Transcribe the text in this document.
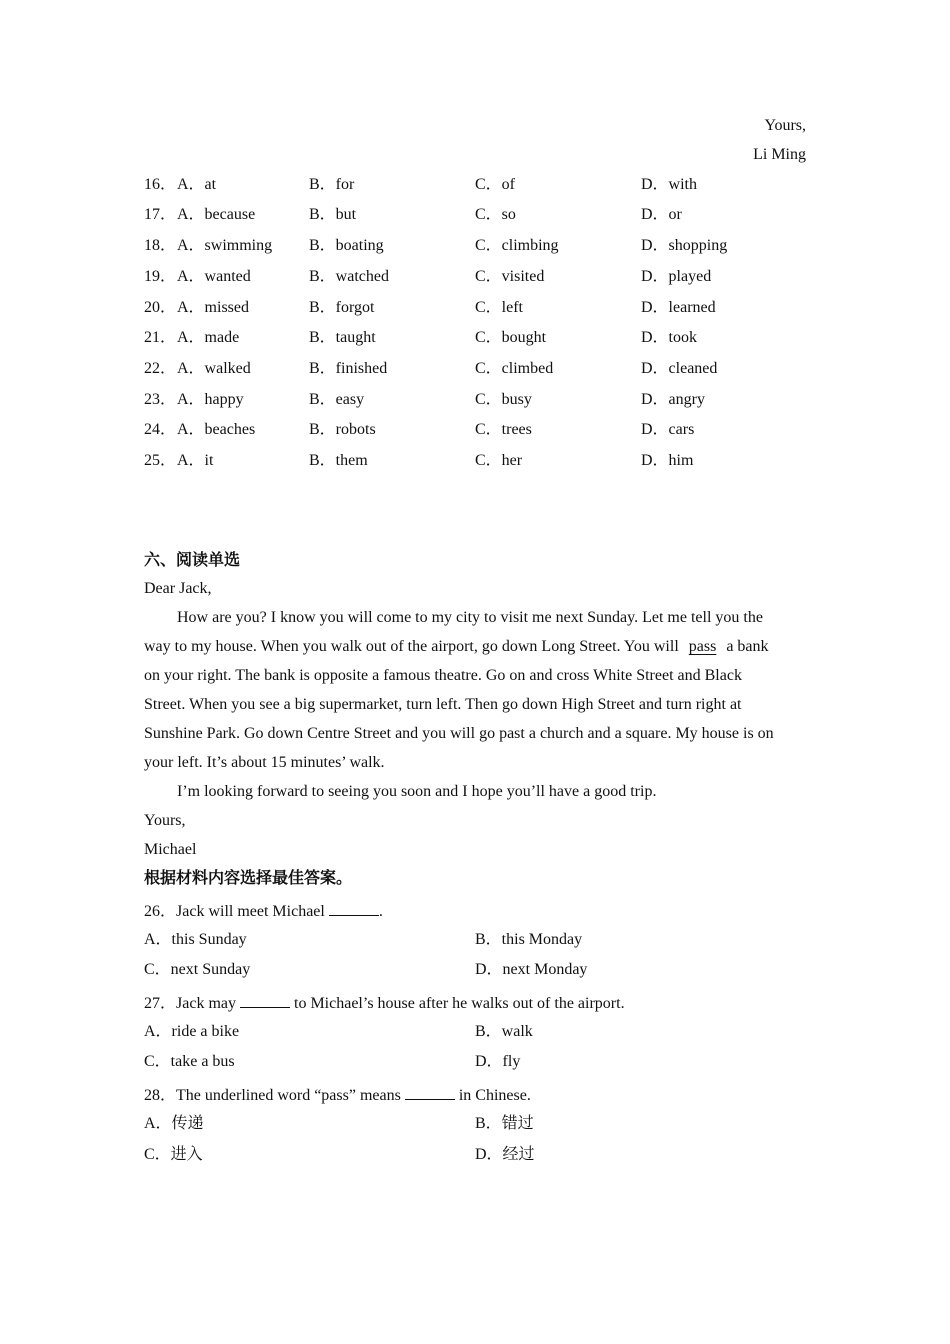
Yours,
Li Ming
16． A．at	B．for	C．of	D．with
17． A．because	B．but	C．so	D．or
18． A．swimming B．boating	C．climbing	D．shopping
19． A．wanted	B．watched	C．visited	D．played
20． A．missed	B．forgot	C．left	D．learned
21． A．made	B．taught	C．bought	D．took
22． A．walked	B．finished	C．climbed	D．cleaned
23． A．happy	B．easy	C．busy	D．angry
24． A．beaches	B．robots	C．trees	D．cars
25． A．it	B．them	C．her	D．him
六、阅读单选
Dear Jack,
How are you? I know you will come to my city to visit me next Sunday. Let me tell you the
way to my house. When you walk out of the airport, go down Long Street. You will pass a bank
on your right. The bank is opposite a famous theatre. Go on and cross White Street and Black
Street. When you see a big supermarket, turn left. Then go down High Street and turn right at
Sunshine Park. Go down Centre Street and you will go past a church and a square. My house is on
your left. It’s about 15 minutes’ walk.
I’m looking forward to seeing you soon and I hope you’ll have a good trip.
Yours,
Michael
根据材料内容选择最佳答案。
26．Jack will meet Michael	.
A．this Sunday	B．this Monday
C．next Sunday	D．next Monday
27．Jack may	to Michael’s house after he walks out of the airport.
A．ride a bike	B．walk
C．take a bus	D．fly
28．The underlined word “pass” means	in Chinese.
A．传递	B．错过
C．进入	D．经过
